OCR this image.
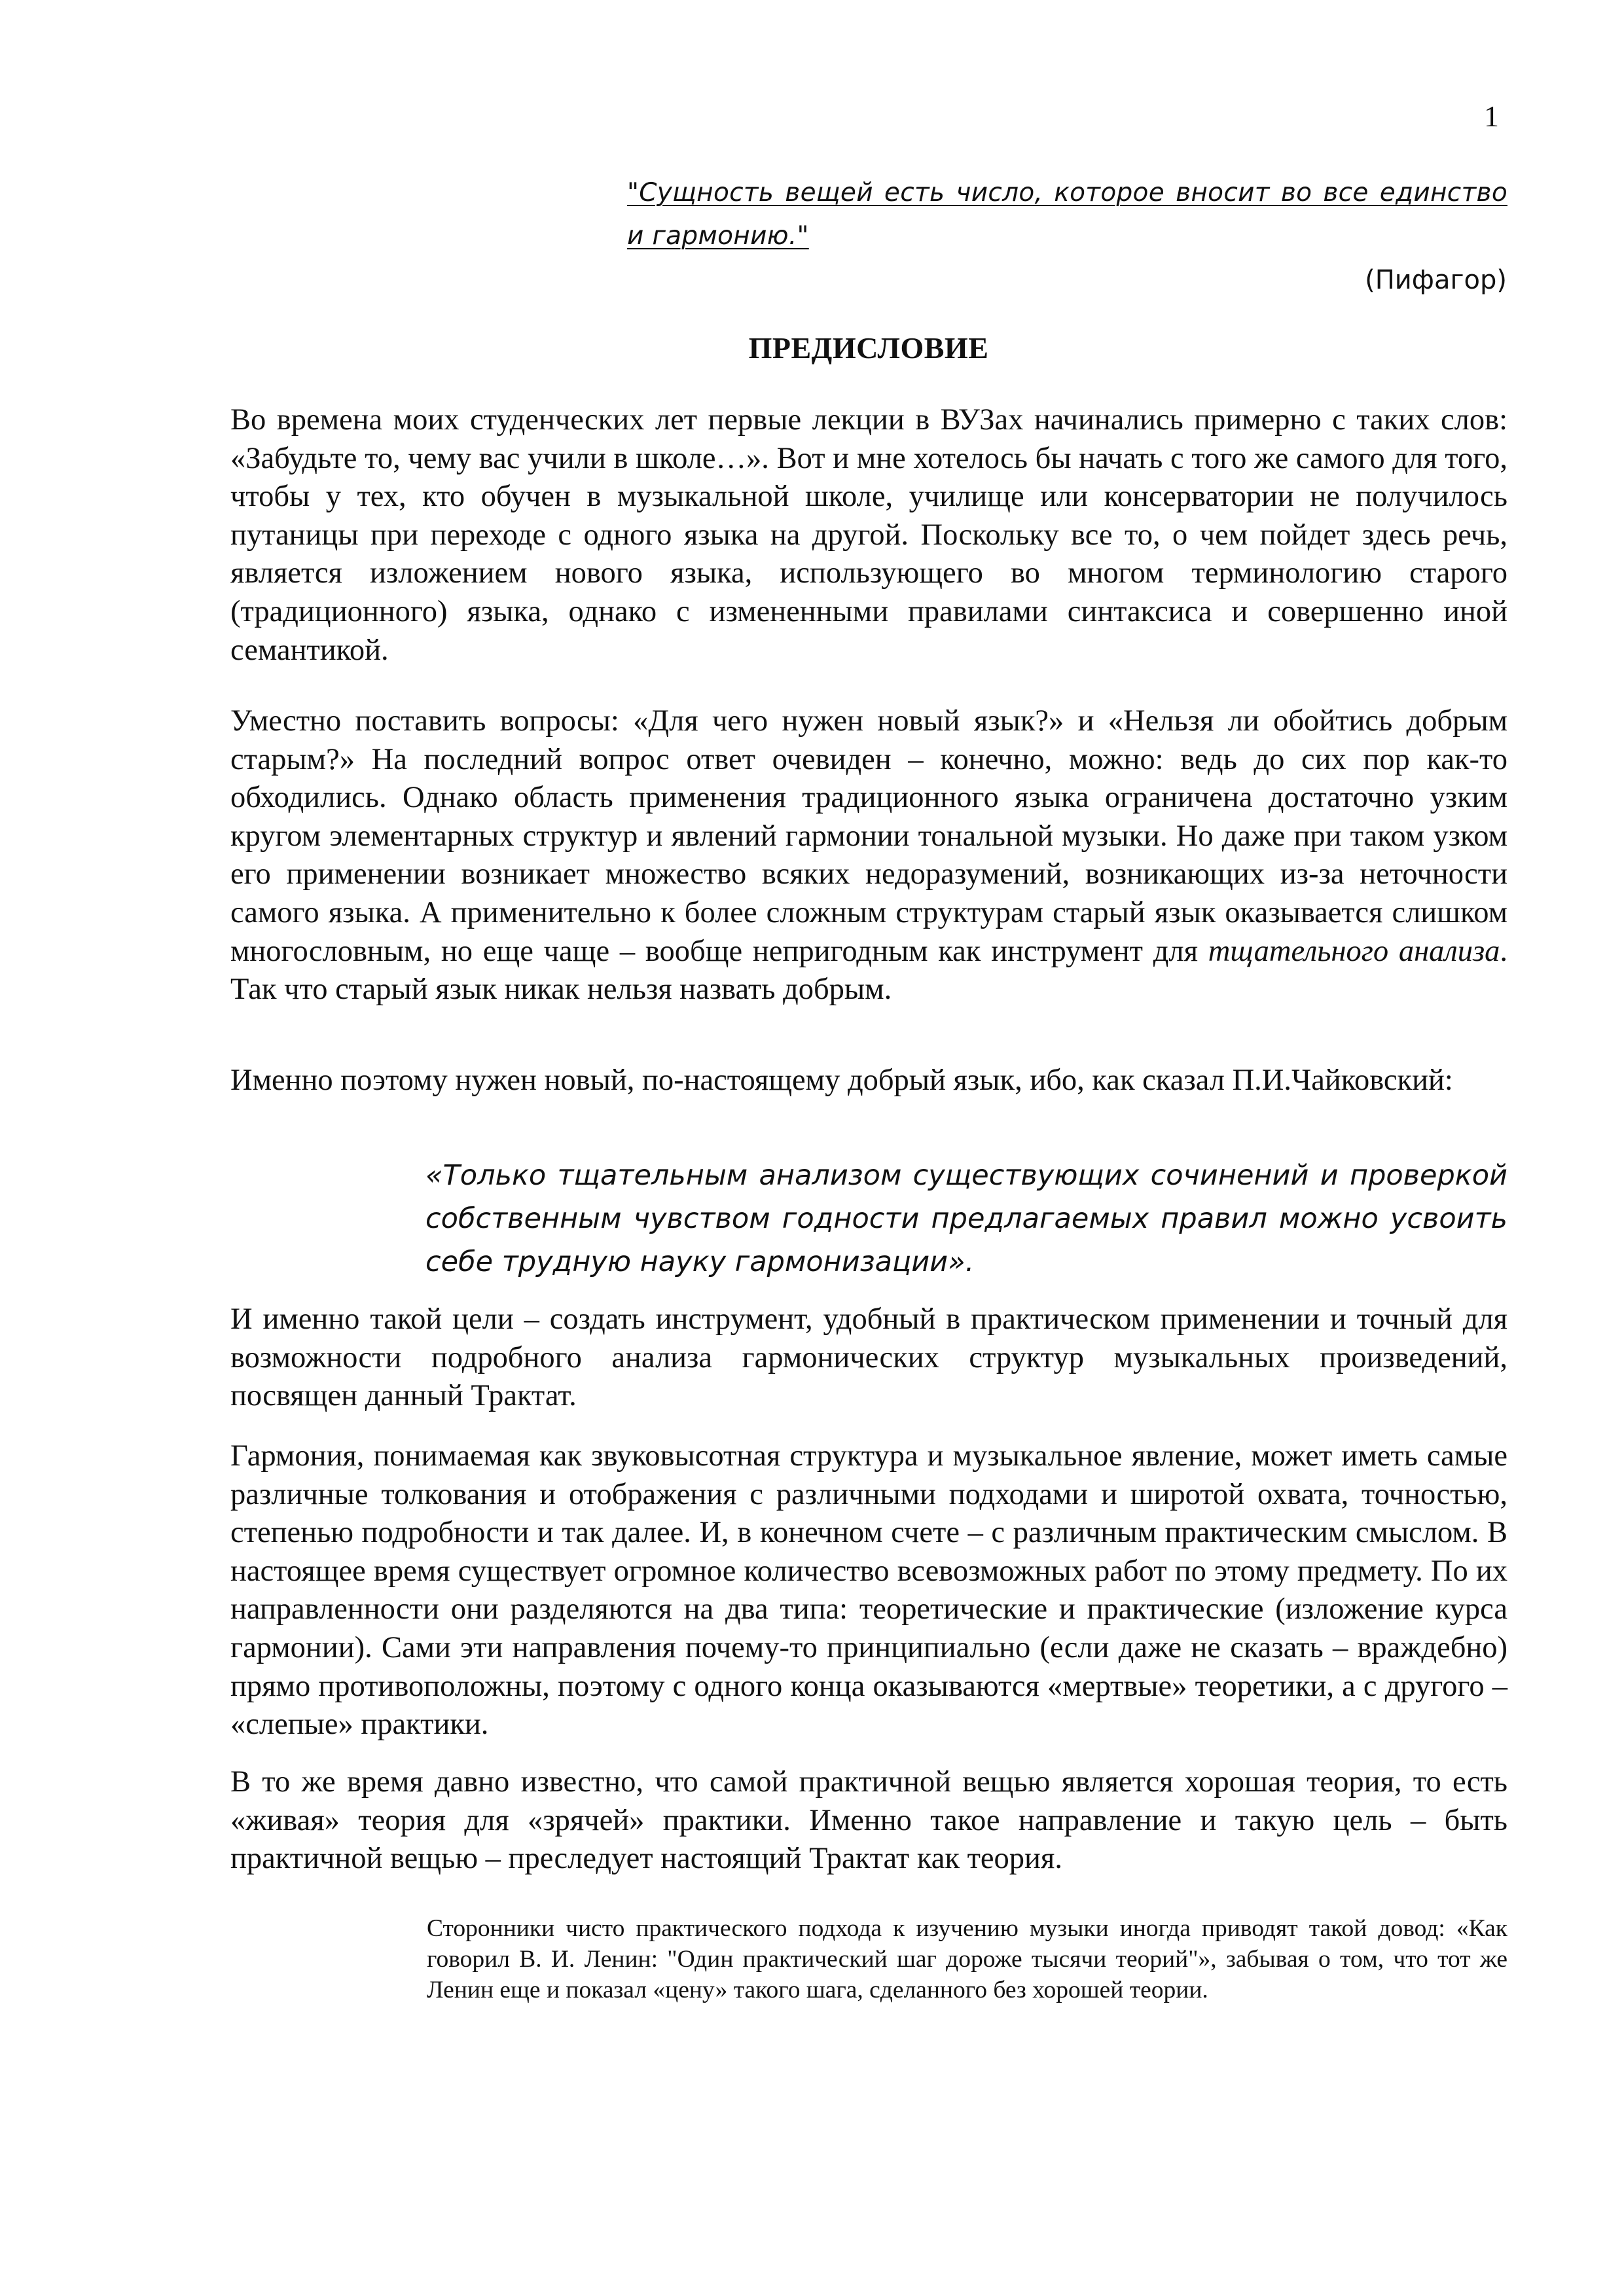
1
"Сущность вещей есть число, которое вносит во все единство и гармонию."
(Пифагор)
ПРЕДИСЛОВИЕ

Во времена моих студенческих лет первые лекции в ВУЗах начинались примерно с таких слов: «Забудьте то, чему вас учили в школе…». Вот и мне хотелось бы начать с того же самого для того, чтобы у тех, кто обучен в музыкальной школе, училище или консерватории не получилось путаницы при переходе с одного языка на другой. Поскольку все то, о чем пойдет здесь речь, является изложением нового языка, использующего во многом терминологию старого (традиционного) языка, однако с измененными правилами синтаксиса и совершенно иной семантикой.

Уместно поставить вопросы: «Для чего нужен новый язык?» и «Нельзя ли обойтись добрым старым?» На последний вопрос ответ очевиден – конечно, можно: ведь до сих пор как-то обходились. Однако область применения традиционного языка ограничена достаточно узким кругом элементарных структур и явлений гармонии тональной музыки. Но даже при таком узком его применении возникает множество всяких недоразумений, возникающих из-за неточности самого языка. А применительно к более сложным структурам старый язык оказывается слишком многословным, но еще чаще – вообще непригодным как инструмент для тщательного анализа. Так что старый язык никак нельзя назвать добрым.

Именно поэтому нужен новый, по-настоящему добрый язык, ибо, как сказал П.И.Чайковский:

«Только тщательным анализом существующих сочинений и проверкой собственным чувством годности предлагаемых правил можно усвоить себе трудную науку гармонизации».

И именно такой цели – создать инструмент, удобный в практическом применении и точный для возможности подробного анализа гармонических структур музыкальных произведений, посвящен данный Трактат.

Гармония, понимаемая как звуковысотная структура и музыкальное явление, может иметь самые различные толкования и отображения с различными подходами и широтой охвата, точностью, степенью подробности и так далее. И, в конечном счете – с различным практическим смыслом. В настоящее время существует огромное количество всевозможных работ по этому предмету. По их направленности они разделяются на два типа: теоретические и практические (изложение курса гармонии). Сами эти направления почему-то принципиально (если даже не сказать – враждебно) прямо противоположны, поэтому с одного конца оказываются «мертвые» теоретики, а с другого – «слепые» практики.

В то же время давно известно, что самой практичной вещью является хорошая теория, то есть «живая» теория для «зрячей» практики. Именно такое направление и такую цель – быть практичной вещью – преследует настоящий Трактат как теория.

Сторонники чисто практического подхода к изучению музыки иногда приводят такой довод: «Как говорил В. И. Ленин: "Один практический шаг дороже тысячи теорий"», забывая о том, что тот же Ленин еще и показал «цену» такого шага, сделанного без хорошей теории.
